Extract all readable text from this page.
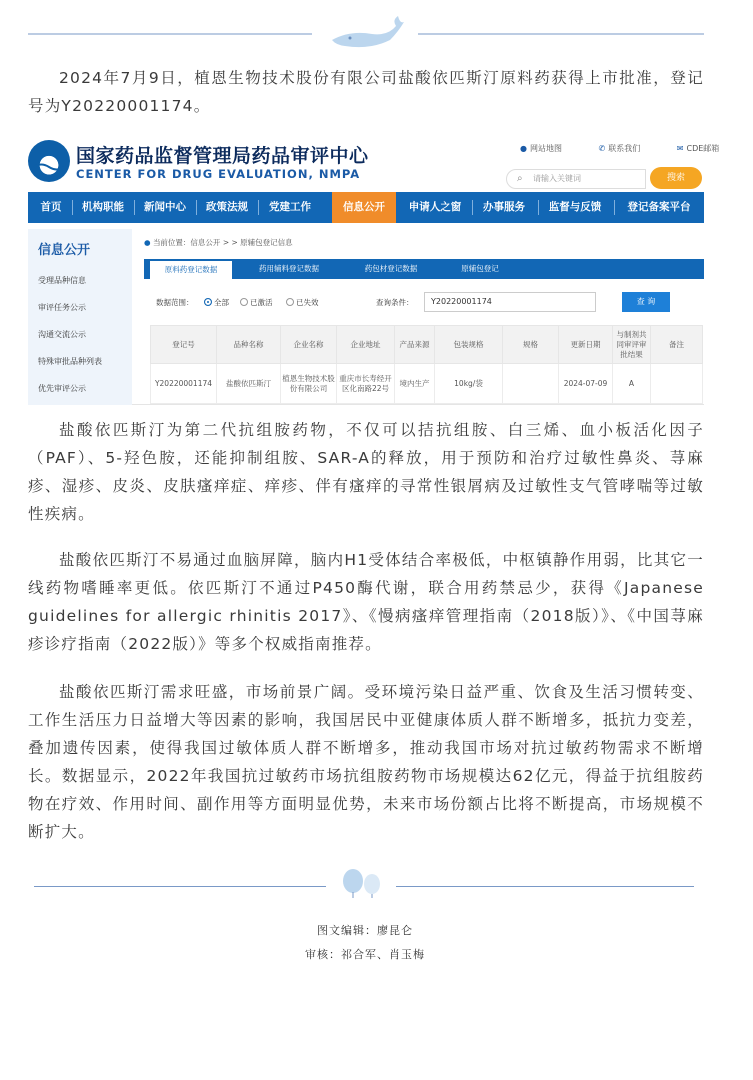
2024年7月9日，植恩生物技术股份有限公司盐酸依匹斯汀原料药获得上市批准，登记号为Y20220001174。
国家药品监督管理局药品审评中心
CENTER FOR DRUG EVALUATION, NMPA
● 网站地图	✆ 联系我们	✉ CDE邮箱
⌕ 请输入关键词	搜索
首页	机构职能	新闻中心	政策法规	党建工作	信息公开	申请人之窗	办事服务	监督与反馈	登记备案平台
信息公开
受理品种信息
审评任务公示
沟通交流公示
特殊审批品种列表
优先审评公示
● 当前位置：信息公开 > > 原辅包登记信息
原料药登记数据	药用辅料登记数据	药包材登记数据	原辅包登记
数据范围：	全部	已激活	已失效	查询条件：	Y20220001174	查 询
登记号	品种名称	企业名称	企业地址	产品来源	包装规格	规格	更新日期	与制剂共同审评审批结果	备注
Y20220001174	盐酸依匹斯汀	植恩生物技术股份有限公司	重庆市长寿经开区化南路22号	境内生产	10kg/袋		2024-07-09	A	
盐酸依匹斯汀为第二代抗组胺药物，不仅可以拮抗组胺、白三烯、血小板活化因子（PAF）、5-羟色胺，还能抑制组胺、SAR-A的释放，用于预防和治疗过敏性鼻炎、荨麻疹、湿疹、皮炎、皮肤瘙痒症、痒疹、伴有瘙痒的寻常性银屑病及过敏性支气管哮喘等过敏性疾病。
盐酸依匹斯汀不易通过血脑屏障，脑内H1受体结合率极低，中枢镇静作用弱，比其它一线药物嗜睡率更低。依匹斯汀不通过P450酶代谢，联合用药禁忌少，获得《Japanese guidelines for allergic rhinitis 2017》、《慢病瘙痒管理指南（2018版）》、《中国荨麻疹诊疗指南（2022版）》等多个权威指南推荐。
盐酸依匹斯汀需求旺盛，市场前景广阔。受环境污染日益严重、饮食及生活习惯转变、工作生活压力日益增大等因素的影响，我国居民中亚健康体质人群不断增多，抵抗力变差，叠加遗传因素，使得我国过敏体质人群不断增多，推动我国市场对抗过敏药物需求不断增长。数据显示，2022年我国抗过敏药市场抗组胺药物市场规模达62亿元，得益于抗组胺药物在疗效、作用时间、副作用等方面明显优势，未来市场份额占比将不断提高，市场规模不断扩大。
图文编辑：廖昆仑
审核：祁合军、肖玉梅
